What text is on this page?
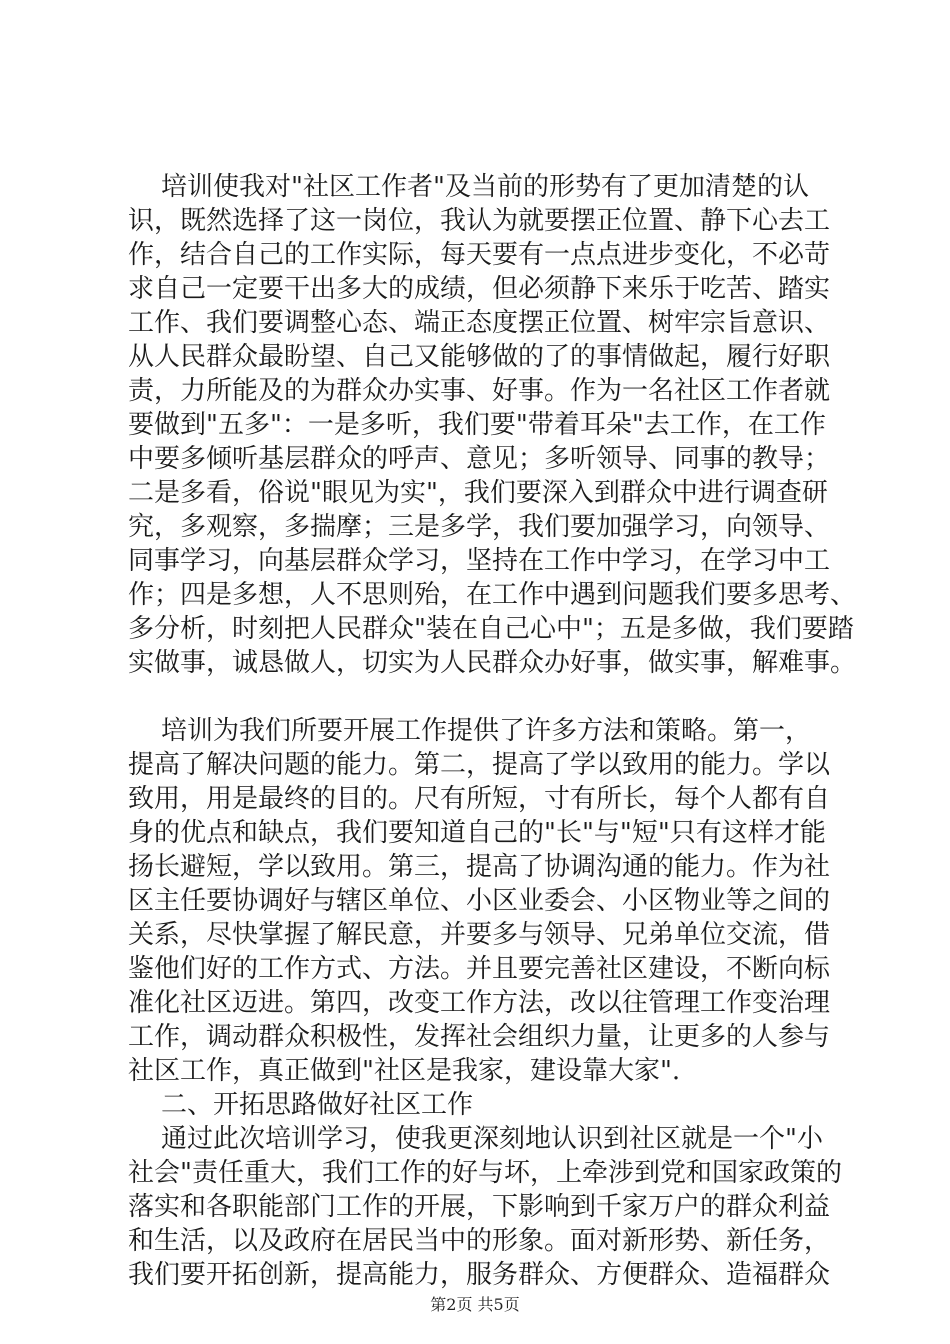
培训使我对"社区工作者"及当前的形势有了更加清楚的认
识，既然选择了这一岗位，我认为就要摆正位置、静下心去工
作，结合自己的工作实际，每天要有一点点进步变化，不必苛
求自己一定要干出多大的成绩，但必须静下来乐于吃苦、踏实
工作、我们要调整心态、端正态度摆正位置、树牢宗旨意识、
从人民群众最盼望、自己又能够做的了的事情做起，履行好职
责，力所能及的为群众办实事、好事。作为一名社区工作者就
要做到"五多"：一是多听，我们要"带着耳朵"去工作，在工作
中要多倾听基层群众的呼声、意见；多听领导、同事的教导；
二是多看，俗说"眼见为实"，我们要深入到群众中进行调查研
究，多观察，多揣摩；三是多学，我们要加强学习，向领导、
同事学习，向基层群众学习，坚持在工作中学习，在学习中工
作；四是多想，人不思则殆，在工作中遇到问题我们要多思考、
多分析，时刻把人民群众"装在自己心中"；五是多做，我们要踏
实做事，诚恳做人，切实为人民群众办好事，做实事，解难事。
培训为我们所要开展工作提供了许多方法和策略。第一，
提高了解决问题的能力。第二，提高了学以致用的能力。学以
致用，用是最终的目的。尺有所短，寸有所长，每个人都有自
身的优点和缺点，我们要知道自己的"长"与"短"只有这样才能
扬长避短，学以致用。第三，提高了协调沟通的能力。作为社
区主任要协调好与辖区单位、小区业委会、小区物业等之间的
关系，尽快掌握了解民意，并要多与领导、兄弟单位交流，借
鉴他们好的工作方式、方法。并且要完善社区建设，不断向标
准化社区迈进。第四，改变工作方法，改以往管理工作变治理
工作，调动群众积极性，发挥社会组织力量，让更多的人参与
社区工作，真正做到"社区是我家，建设靠大家".
二、开拓思路做好社区工作
通过此次培训学习，使我更深刻地认识到社区就是一个"小
社会"责任重大，我们工作的好与坏，上牵涉到党和国家政策的
落实和各职能部门工作的开展，下影响到千家万户的群众利益
和生活，以及政府在居民当中的形象。面对新形势、新任务，
我们要开拓创新，提高能力，服务群众、方便群众、造福群众
第2页 共5页
